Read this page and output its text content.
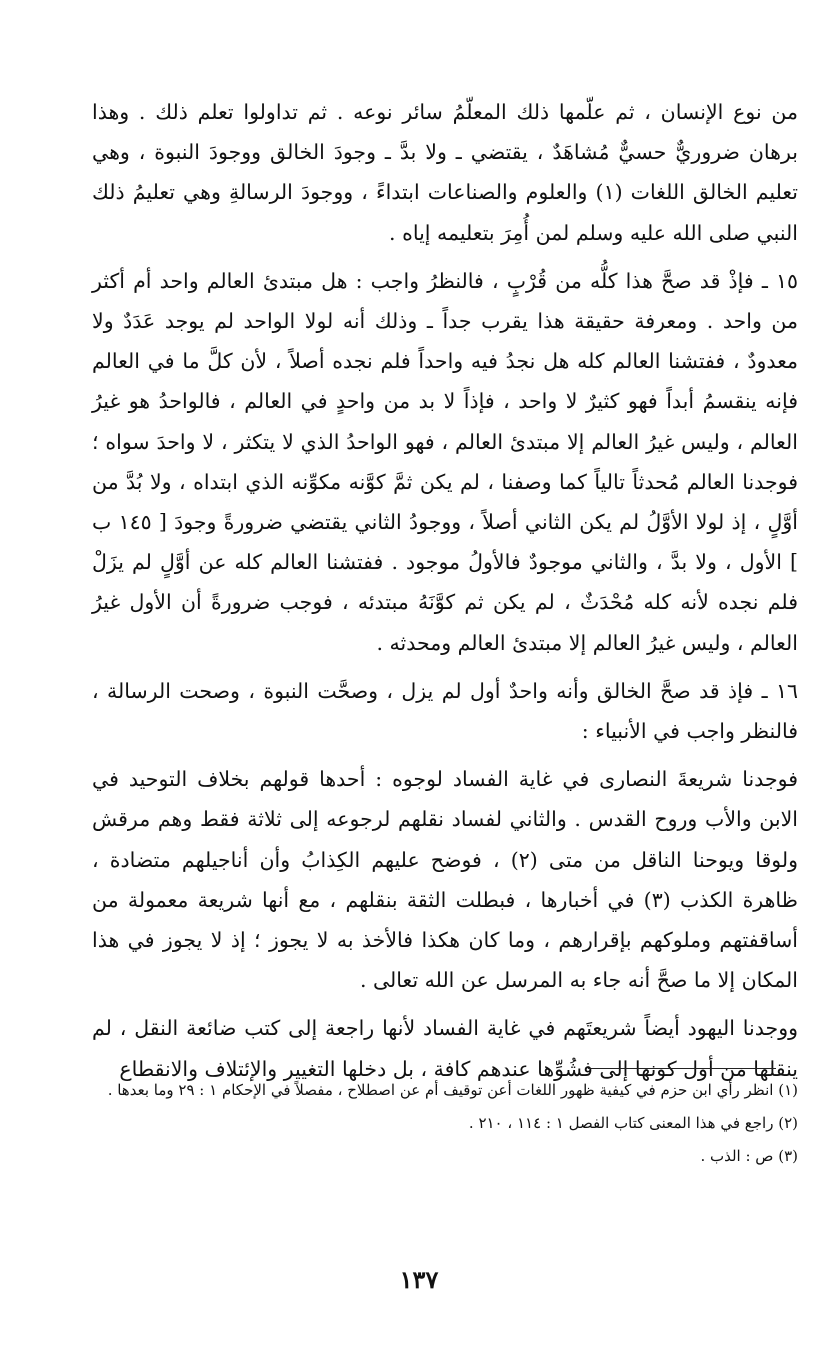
من نوع الإنسان ، ثم علّمها ذلك المعلّمُ سائر نوعه . ثم تداولوا تعلم ذلك . وهذا برهان ضروريٌّ حسيٌّ مُشاهَدٌ ، يقتضي ـ ولا بدَّ ـ وجودَ الخالق ووجودَ النبوة ، وهي تعليم الخالق اللغات (١) والعلوم والصناعات ابتداءً ، ووجودَ الرسالةِ وهي تعليمُ ذلك النبي صلى الله عليه وسلم لمن أُمِرَ بتعليمه إياه .

١٥ ـ فإذْ قد صحَّ هذا كلُّه من قُرْبٍ ، فالنظرُ واجب : هل مبتدئ العالم واحد أم أكثر من واحد . ومعرفة حقيقة هذا يقرب جداً ـ وذلك أنه لولا الواحد لم يوجد عَدَدٌ ولا معدودٌ ، ففتشنا العالم كله هل نجدُ فيه واحداً فلم نجده أصلاً ، لأن كلَّ ما في العالم فإنه ينقسمُ أبداً فهو كثيرٌ لا واحد ، فإذاً لا بد من واحدٍ في العالم ، فالواحدُ هو غيرُ العالم ، وليس غيرُ العالم إلا مبتدئ العالم ، فهو الواحدُ الذي لا يتكثر ، لا واحدَ سواه ؛ فوجدنا العالم مُحدثاً تالياً كما وصفنا ، لم يكن ثمَّ كوَّنه مكوِّنه الذي ابتداه ، ولا بُدَّ من أوَّلٍ ، إذ لولا الأوَّلُ لم يكن الثاني أصلاً ، ووجودُ الثاني يقتضي ضرورةً وجودَ [ ١٤٥ ب ] الأول ، ولا بدَّ ، والثاني موجودٌ فالأولُ موجود . ففتشنا العالم كله عن أوَّلٍ لم يزَلْ فلم نجده لأنه كله مُحْدَثٌ ، لم يكن ثم كوَّنَهُ مبتدئه ، فوجب ضرورةً أن الأول غيرُ العالم ، وليس غيرُ العالم إلا مبتدئ العالم ومحدثه .

١٦ ـ فإذ قد صحَّ الخالق وأنه واحدٌ أول لم يزل ، وصحَّت النبوة ، وصحت الرسالة ، فالنظر واجب في الأنبياء :

فوجدنا شريعةَ النصارى في غاية الفساد لوجوه : أحدها قولهم بخلاف التوحيد في الابن والأب وروح القدس . والثاني لفساد نقلهم لرجوعه إلى ثلاثة فقط وهم مرقش ولوقا ويوحنا الناقل من متى (٢) ، فوضح عليهم الكِذابُ وأن أناجيلهم متضادة ، ظاهرة الكذب (٣) في أخبارها ، فبطلت الثقة بنقلهم ، مع أنها شريعة معمولة من أساقفتهم وملوكهم بإقرارهم ، وما كان هكذا فالأخذ به لا يجوز ؛ إذ لا يجوز في هذا المكان إلا ما صحَّ أنه جاء به المرسل عن الله تعالى .

ووجدنا اليهود أيضاً شريعتَهم في غاية الفساد لأنها راجعة إلى كتب ضائعة النقل ، لم ينقلها من أول كونها إلى فشُوِّها عندهم كافة ، بل دخلها التغيير والإئتلاف والانقطاع

(١) انظر رأي ابن حزم في كيفية ظهور اللغات أعن توقيف أم عن اصطلاح ، مفصلاً في الإحكام ١ : ٢٩ وما بعدها .

(٢) راجع في هذا المعنى كتاب الفصل ١ : ١١٤ ، ٢١٠ .

(٣) ص : الذب .

١٣٧
